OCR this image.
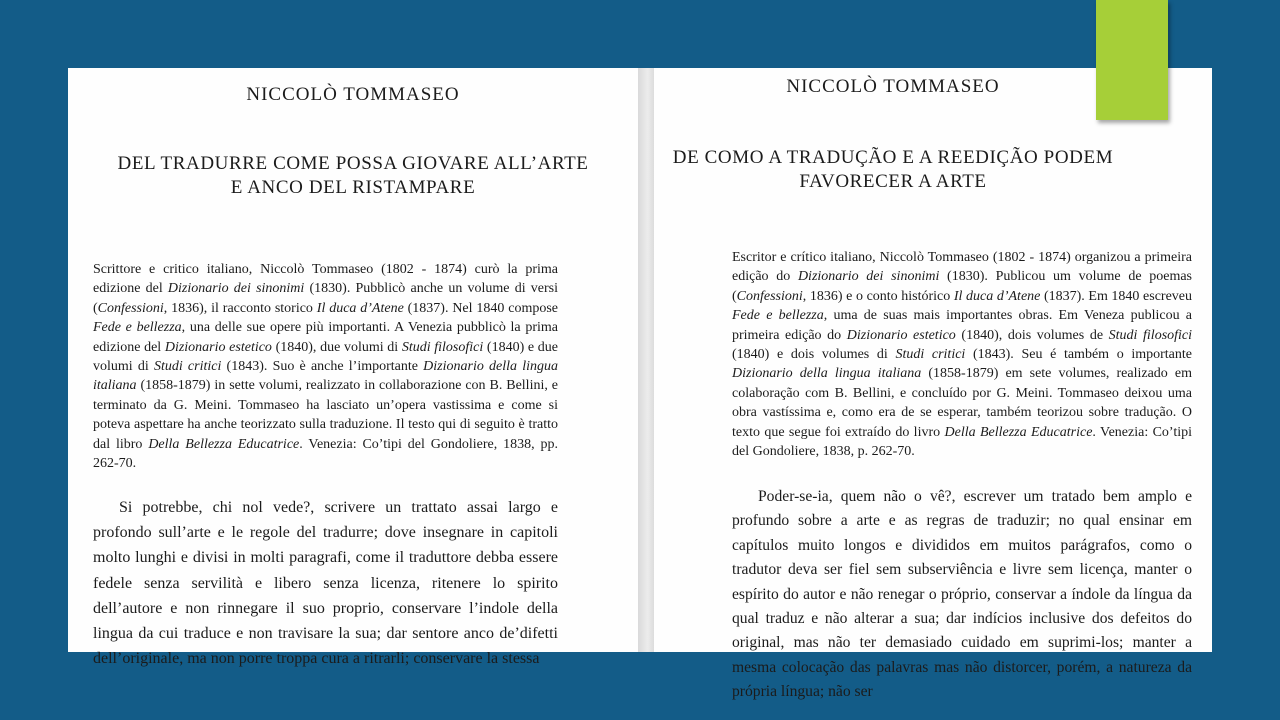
NICCOLÒ TOMMASEO
DEL TRADURRE COME POSSA GIOVARE ALL’ARTE
E ANCO DEL RISTAMPARE

Scrittore e critico italiano, Niccolò Tommaseo (1802 - 1874) curò la prima edizione del Dizionario dei sinonimi (1830). Pubblicò anche un volume di versi (Confessioni, 1836), il racconto storico Il duca d’Atene (1837). Nel 1840 compose Fede e bellezza, una delle sue opere più importanti. A Venezia pubblicò la prima edizione del Dizionario estetico (1840), due volumi di Studi filosofici (1840) e due volumi di Studi critici (1843). Suo è anche l’importante Dizionario della lingua italiana (1858-1879) in sette volumi, realizzato in collaborazione con B. Bellini, e terminato da G. Meini. Tommaseo ha lasciato un’opera vastissima e come si poteva aspettare ha anche teorizzato sulla traduzione. Il testo qui di seguito è tratto dal libro Della Bellezza Educatrice. Venezia: Co’tipi del Gondoliere, 1838, pp. 262-70.

Si potrebbe, chi nol vede?, scrivere un trattato assai largo e profondo sull’arte e le regole del tradurre; dove insegnare in capitoli molto lunghi e divisi in molti paragrafi, come il traduttore debba essere fedele senza servilità e libero senza licenza, ritenere lo spirito dell’autore e non rinnegare il suo proprio, conservare l’indole della lingua da cui traduce e non travisare la sua; dar sentore anco de’difetti dell’originale, ma non porre troppa cura a ritrarli; conservare la stessa

NICCOLÒ TOMMASEO
DE COMO A TRADUÇÃO E A REEDIÇÃO PODEM
FAVORECER A ARTE

Escritor e crítico italiano, Niccolò Tommaseo (1802 - 1874) organizou a primeira edição do Dizionario dei sinonimi (1830). Publicou um volume de poemas (Confessioni, 1836) e o conto histórico Il duca d’Atene (1837). Em 1840 escreveu Fede e bellezza, uma de suas mais importantes obras. Em Veneza publicou a primeira edição do Dizionario estetico (1840), dois volumes de Studi filosofici (1840) e dois volumes di Studi critici (1843). Seu é também o importante Dizionario della lingua italiana (1858-1879) em sete volumes, realizado em colaboração com B. Bellini, e concluído por G. Meini. Tommaseo deixou uma obra vastíssima e, como era de se esperar, também teorizou sobre tradução. O texto que segue foi extraído do livro Della Bellezza Educatrice. Venezia: Co’tipi del Gondoliere, 1838, p. 262-70.

Poder-se-ia, quem não o vê?, escrever um tratado bem amplo e profundo sobre a arte e as regras de traduzir; no qual ensinar em capítulos muito longos e divididos em muitos parágrafos, como o tradutor deva ser fiel sem subserviência e livre sem licença, manter o espírito do autor e não renegar o próprio, conservar a índole da língua da qual traduz e não alterar a sua; dar indícios inclusive dos defeitos do original, mas não ter demasiado cuidado em suprimi-los; manter a mesma colocação das palavras mas não distorcer, porém, a natureza da própria língua; não ser
